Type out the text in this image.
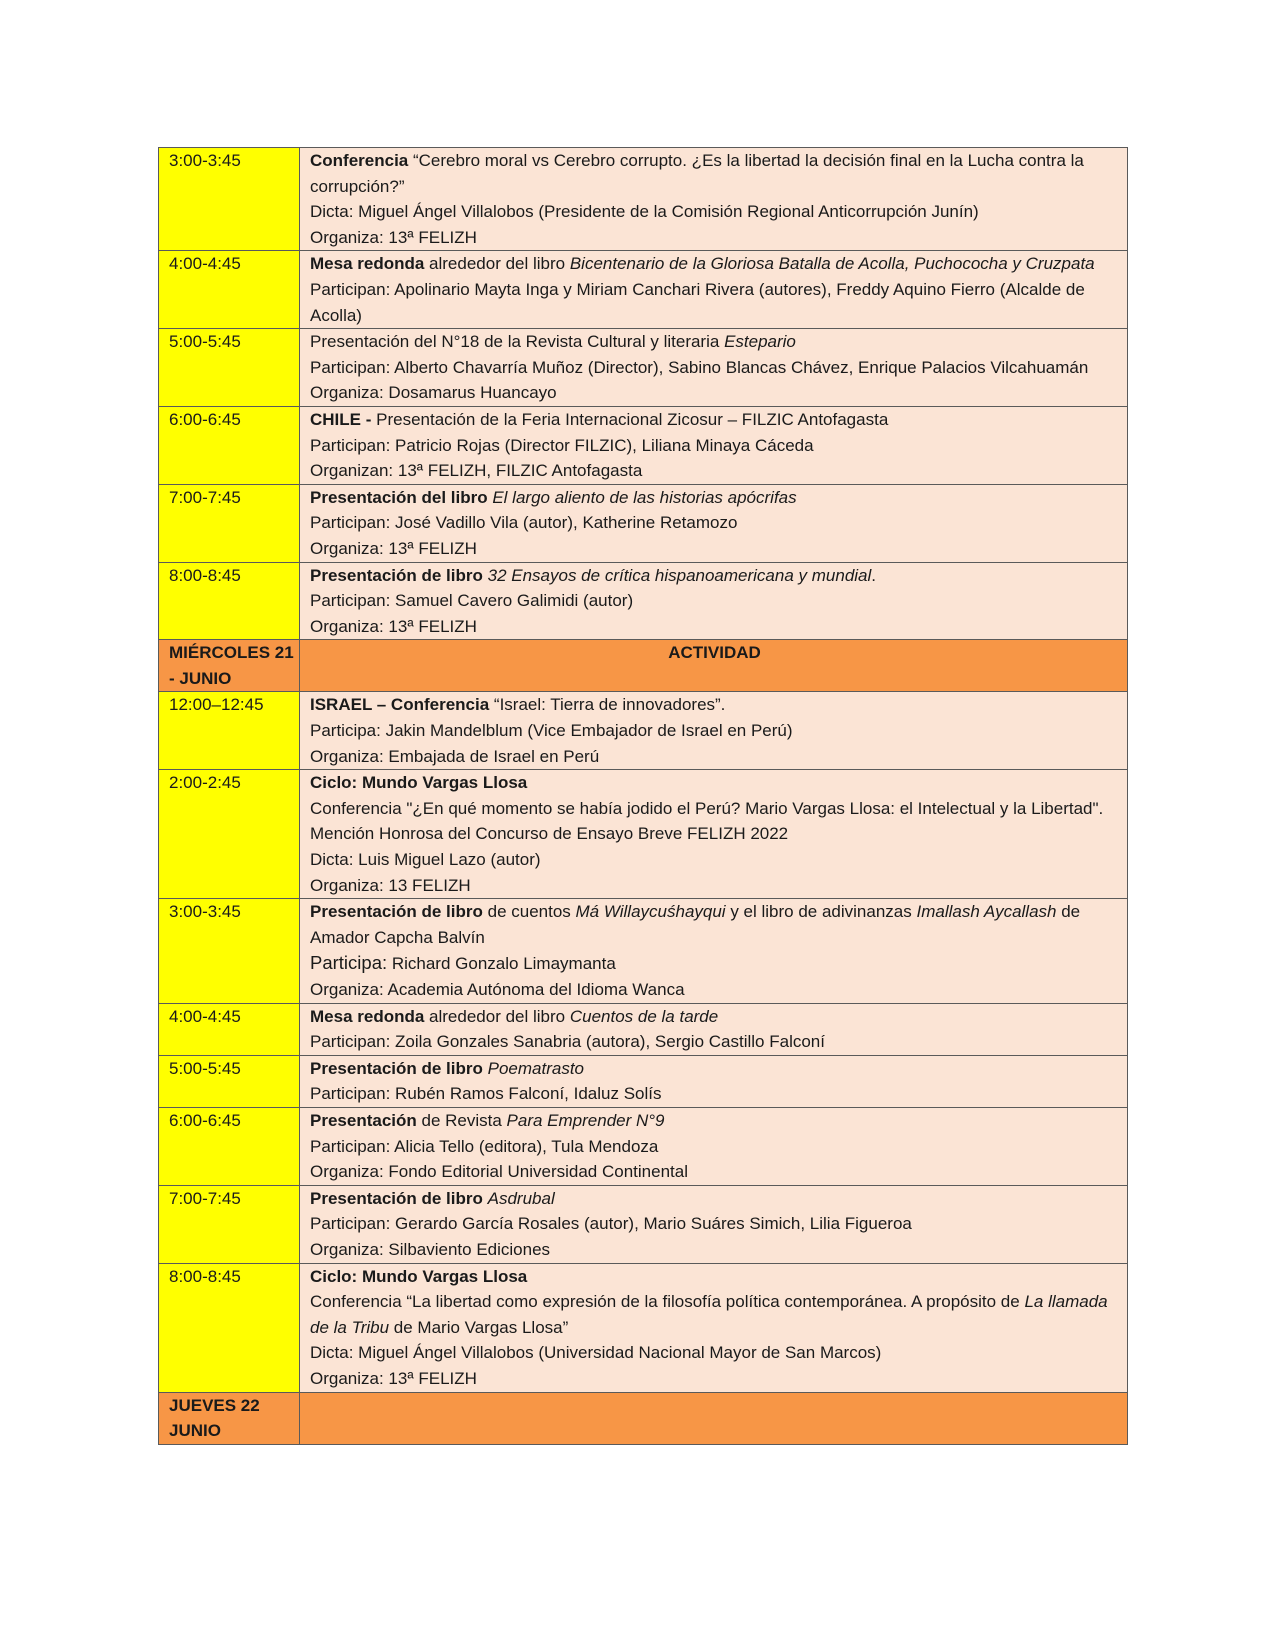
3:00-3:45	Conferencia “Cerebro moral vs Cerebro corrupto. ¿Es la libertad la decisión final en la Lucha contra la corrupción?”
Dicta: Miguel Ángel Villalobos (Presidente de la Comisión Regional Anticorrupción Junín)
Organiza: 13ª FELIZH

4:00-4:45	Mesa redonda alrededor del libro Bicentenario de la Gloriosa Batalla de Acolla, Puchococha y Cruzpata
Participan: Apolinario Mayta Inga y Miriam Canchari Rivera (autores), Freddy Aquino Fierro (Alcalde de Acolla)

5:00-5:45	Presentación del N°18 de la Revista Cultural y literaria Estepario
Participan: Alberto Chavarría Muñoz (Director), Sabino Blancas Chávez, Enrique Palacios Vilcahuamán
Organiza: Dosamarus Huancayo

6:00-6:45	CHILE - Presentación de la Feria Internacional Zicosur – FILZIC Antofagasta
Participan: Patricio Rojas (Director FILZIC), Liliana Minaya Cáceda
Organizan: 13ª FELIZH, FILZIC Antofagasta

7:00-7:45	Presentación del libro El largo aliento de las historias apócrifas
Participan: José Vadillo Vila (autor), Katherine Retamozo
Organiza: 13ª FELIZH

8:00-8:45	Presentación de libro 32 Ensayos de crítica hispanoamericana y mundial.
Participan: Samuel Cavero Galimidi (autor)
Organiza: 13ª FELIZH

MIÉRCOLES 21 - JUNIO	ACTIVIDAD
12:00–12:45	ISRAEL – Conferencia “Israel: Tierra de innovadores”.
Participa: Jakin Mandelblum (Vice Embajador de Israel en Perú)
Organiza: Embajada de Israel en Perú

2:00-2:45	Ciclo: Mundo Vargas Llosa
Conferencia "¿En qué momento se había jodido el Perú? Mario Vargas Llosa: el Intelectual y la Libertad". Mención Honrosa del Concurso de Ensayo Breve FELIZH 2022
Dicta: Luis Miguel Lazo (autor)
Organiza: 13 FELIZH

3:00-3:45	Presentación de libro de cuentos Má Willaycuśhayqui y el libro de adivinanzas Imallash Aycallash de Amador Capcha Balvín
Participa: Richard Gonzalo Limaymanta
Organiza: Academia Autónoma del Idioma Wanca

4:00-4:45	Mesa redonda alrededor del libro Cuentos de la tarde
Participan: Zoila Gonzales Sanabria (autora), Sergio Castillo Falconí

5:00-5:45	Presentación de libro Poematrasto
Participan: Rubén Ramos Falconí, Idaluz Solís

6:00-6:45	Presentación de Revista Para Emprender N°9
Participan: Alicia Tello (editora), Tula Mendoza
Organiza: Fondo Editorial Universidad Continental

7:00-7:45	Presentación de libro Asdrubal
Participan: Gerardo García Rosales (autor), Mario Suáres Simich, Lilia Figueroa
Organiza: Silbaviento Ediciones

8:00-8:45	Ciclo: Mundo Vargas Llosa
Conferencia “La libertad como expresión de la filosofía política contemporánea. A propósito de La llamada de la Tribu de Mario Vargas Llosa”
Dicta: Miguel Ángel Villalobos (Universidad Nacional Mayor de San Marcos)
Organiza: 13ª FELIZH

JUEVES 22 JUNIO	
